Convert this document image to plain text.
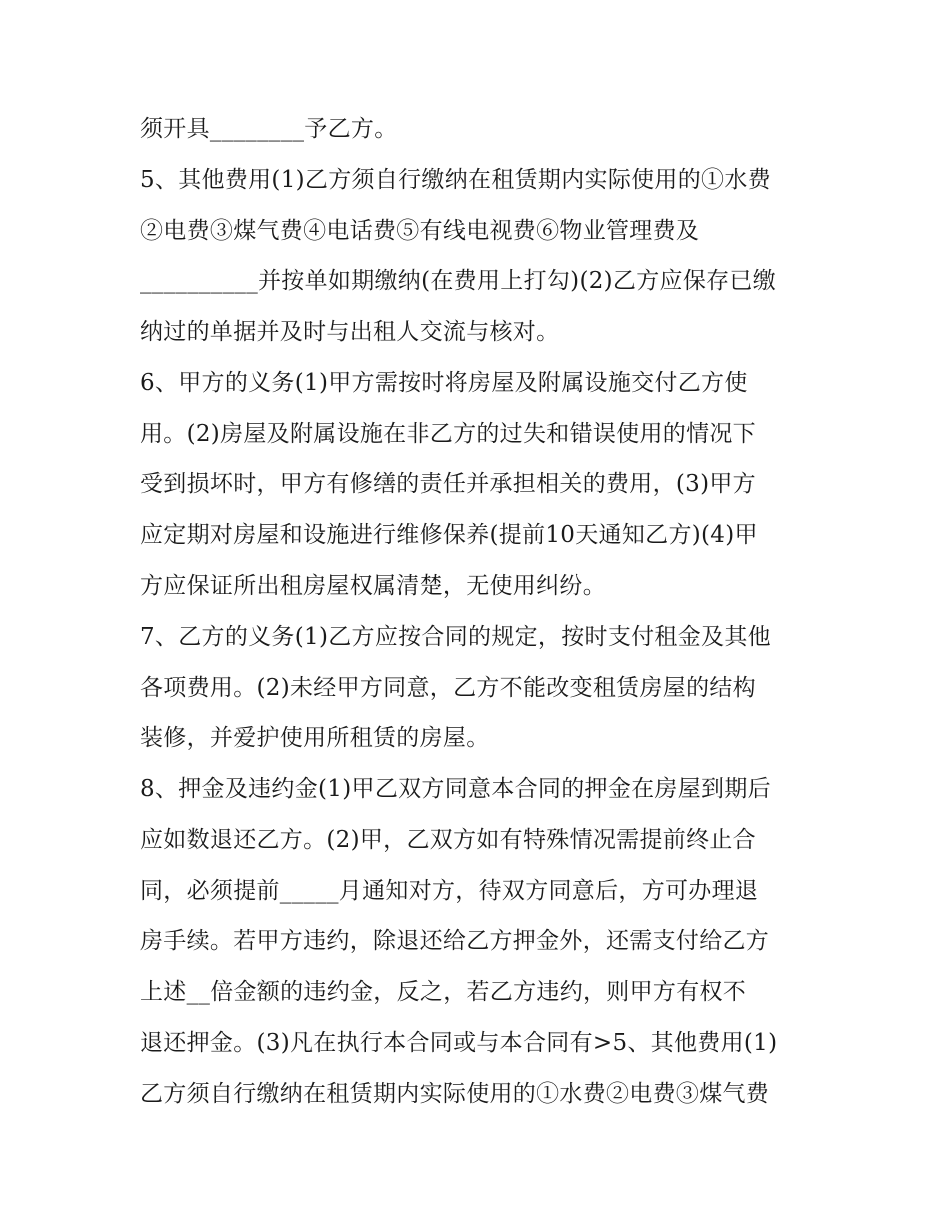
须开具________予乙方。
5、其他费用(1)乙方须自行缴纳在租赁期内实际使用的①水费
②电费③煤气费④电话费⑤有线电视费⑥物业管理费及
__________并按单如期缴纳(在费用上打勾)(2)乙方应保存已缴
纳过的单据并及时与出租人交流与核对。
6、甲方的义务(1)甲方需按时将房屋及附属设施交付乙方使
用。(2)房屋及附属设施在非乙方的过失和错误使用的情况下
受到损坏时，甲方有修缮的责任并承担相关的费用，(3)甲方
应定期对房屋和设施进行维修保养(提前10天通知乙方)(4)甲
方应保证所出租房屋权属清楚，无使用纠纷。
7、乙方的义务(1)乙方应按合同的规定，按时支付租金及其他
各项费用。(2)未经甲方同意，乙方不能改变租赁房屋的结构
装修，并爱护使用所租赁的房屋。
8、押金及违约金(1)甲乙双方同意本合同的押金在房屋到期后
应如数退还乙方。(2)甲，乙双方如有特殊情况需提前终止合
同，必须提前_____月通知对方，待双方同意后，方可办理退
房手续。若甲方违约，除退还给乙方押金外，还需支付给乙方
上述__倍金额的违约金，反之，若乙方违约，则甲方有权不
退还押金。(3)凡在执行本合同或与本合同有>5、其他费用(1)
乙方须自行缴纳在租赁期内实际使用的①水费②电费③煤气费
